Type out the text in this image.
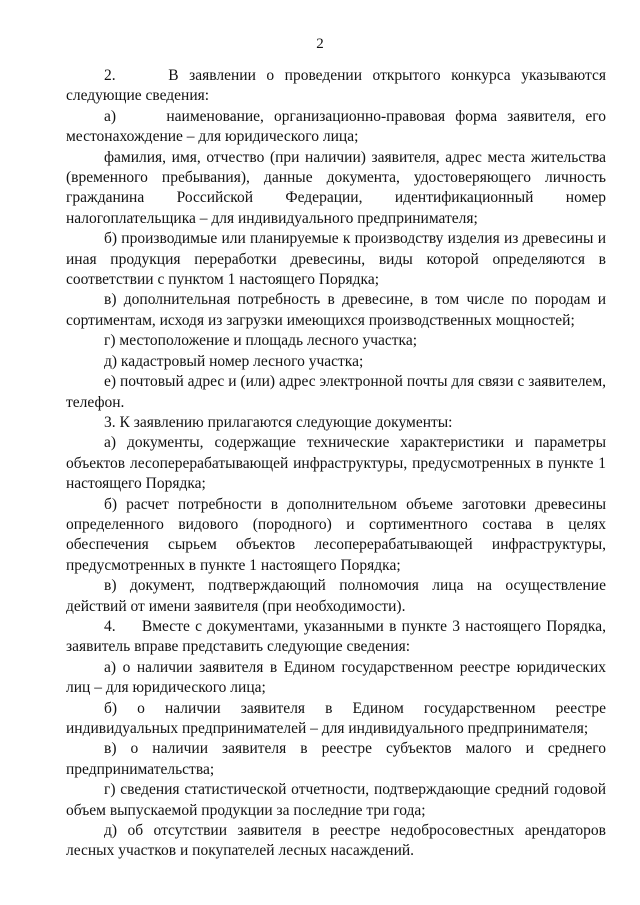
2

2.     В заявлении о проведении открытого конкурса указываются следующие сведения:

а)     наименование, организационно-правовая форма заявителя, его местонахождение – для юридического лица;

фамилия, имя, отчество (при наличии) заявителя, адрес места жительства (временного пребывания), данные документа, удостоверяющего личность гражданина Российской Федерации, идентификационный номер налогоплательщика – для индивидуального предпринимателя;

б) производимые или планируемые к производству изделия из древесины и иная продукция переработки древесины, виды которой определяются в соответствии с пунктом 1 настоящего Порядка;

в) дополнительная потребность в древесине, в том числе по породам и сортиментам, исходя из загрузки имеющихся производственных мощностей;

г) местоположение и площадь лесного участка;

д) кадастровый номер лесного участка;

е) почтовый адрес и (или) адрес электронной почты для связи с заявителем, телефон.

3. К заявлению прилагаются следующие документы:

а) документы, содержащие технические характеристики и параметры объектов лесоперерабатывающей инфраструктуры, предусмотренных в пункте 1 настоящего Порядка;

б) расчет потребности в дополнительном объеме заготовки древесины определенного видового (породного) и сортиментного состава в целях обеспечения сырьем объектов лесоперерабатывающей инфраструктуры, предусмотренных в пункте 1 настоящего Порядка;

в) документ, подтверждающий полномочия лица на осуществление действий от имени заявителя (при необходимости).

4.     Вместе с документами, указанными в пункте 3 настоящего Порядка, заявитель вправе представить следующие сведения:

а) о наличии заявителя в Едином государственном реестре юридических лиц – для юридического лица;

б) о наличии заявителя в Едином государственном реестре индивидуальных предпринимателей – для индивидуального предпринимателя;

в) о наличии заявителя в реестре субъектов малого и среднего предпринимательства;

г) сведения статистической отчетности, подтверждающие средний годовой объем выпускаемой продукции за последние три года;

д) об отсутствии заявителя в реестре недобросовестных арендаторов лесных участков и покупателей лесных насаждений.
